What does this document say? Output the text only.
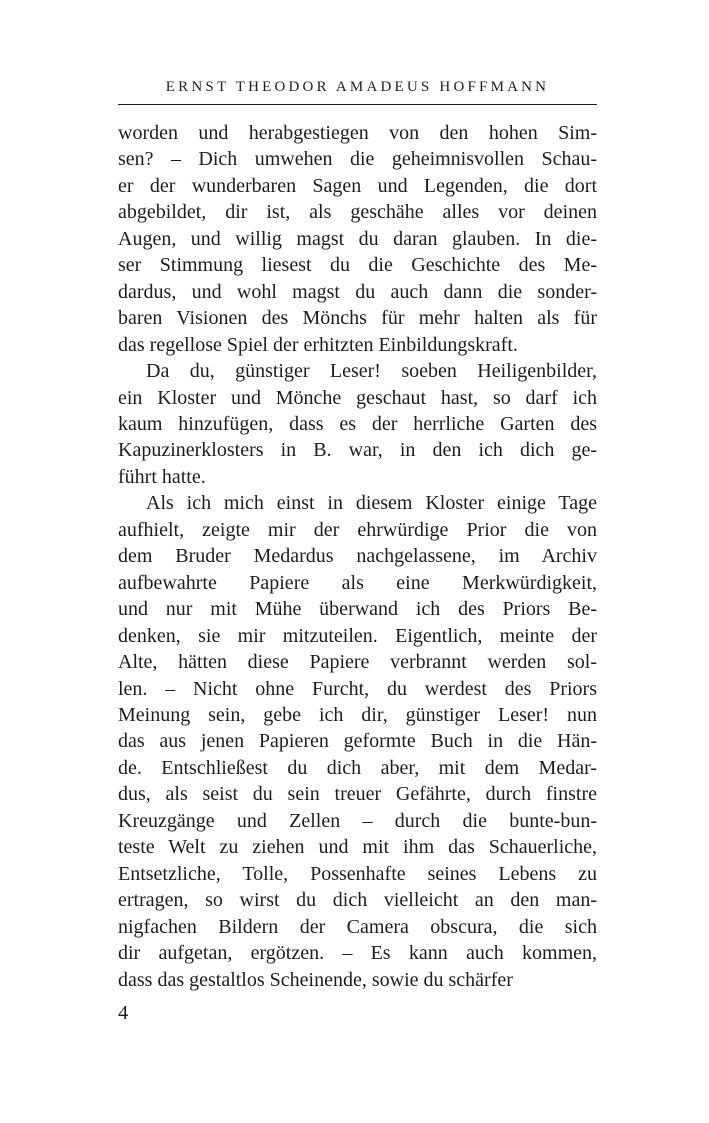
ERNST THEODOR AMADEUS HOFFMANN
worden und herabgestiegen von den hohen Sim-
sen? – Dich umwehen die geheimnisvollen Schau-
er der wunderbaren Sagen und Legenden, die dort
abgebildet, dir ist, als geschähe alles vor deinen
Augen, und willig magst du daran glauben. In die-
ser Stimmung liesest du die Geschichte des Me-
dardus, und wohl magst du auch dann die sonder-
baren Visionen des Mönchs für mehr halten als für
das regellose Spiel der erhitzten Einbildungskraft.
Da du, günstiger Leser! soeben Heiligenbilder,
ein Kloster und Mönche geschaut hast, so darf ich
kaum hinzufügen, dass es der herrliche Garten des
Kapuzinerklosters in B. war, in den ich dich ge-
führt hatte.
Als ich mich einst in diesem Kloster einige Tage
aufhielt, zeigte mir der ehrwürdige Prior die von
dem Bruder Medardus nachgelassene, im Archiv
aufbewahrte Papiere als eine Merkwürdigkeit,
und nur mit Mühe überwand ich des Priors Be-
denken, sie mir mitzuteilen. Eigentlich, meinte der
Alte, hätten diese Papiere verbrannt werden sol-
len. – Nicht ohne Furcht, du werdest des Priors
Meinung sein, gebe ich dir, günstiger Leser! nun
das aus jenen Papieren geformte Buch in die Hän-
de. Entschließest du dich aber, mit dem Medar-
dus, als seist du sein treuer Gefährte, durch finstre
Kreuzgänge und Zellen – durch die bunte-bun-
teste Welt zu ziehen und mit ihm das Schauerliche,
Entsetzliche, Tolle, Possenhafte seines Lebens zu
ertragen, so wirst du dich vielleicht an den man-
nigfachen Bildern der Camera obscura, die sich
dir aufgetan, ergötzen. – Es kann auch kommen,
dass das gestaltlos Scheinende, sowie du schärfer
4
